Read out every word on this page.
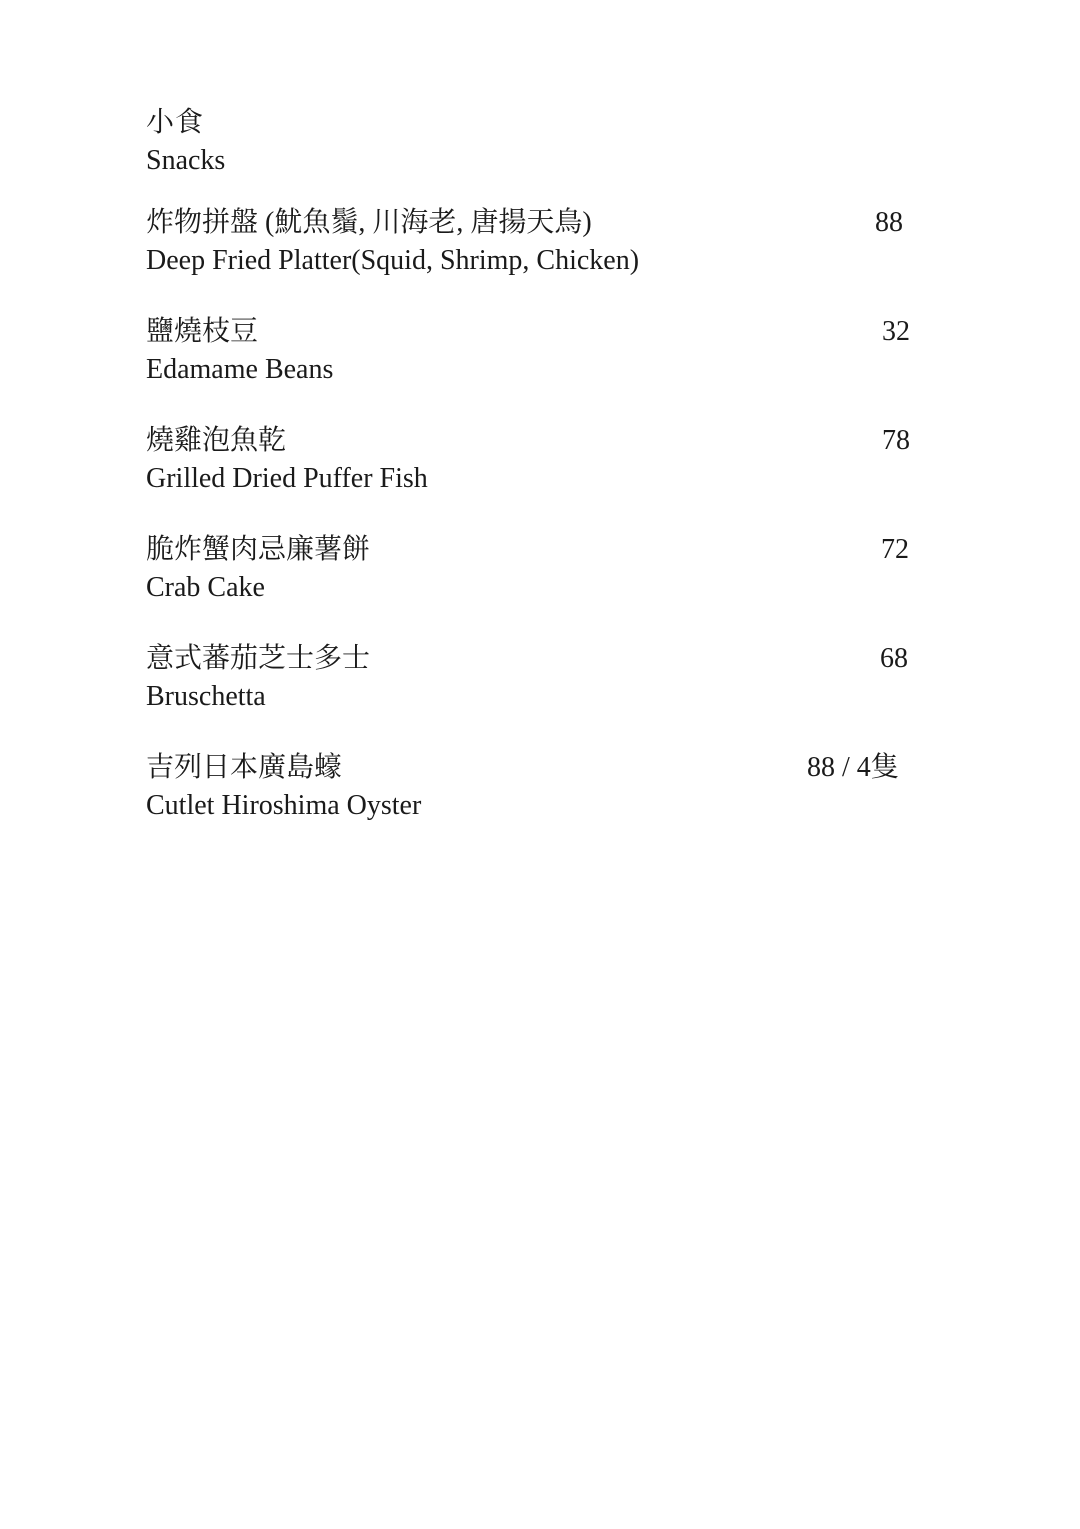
小食
Snacks
炸物拼盤 (魷魚鬚, 川海老, 唐揚天鳥)
Deep Fried Platter(Squid, Shrimp, Chicken)
88
鹽燒枝豆
Edamame Beans
32
燒雞泡魚乾
Grilled Dried Puffer Fish
78
脆炸蟹肉忌廉薯餅
Crab Cake
72
意式蕃茄芝士多士
Bruschetta
68
吉列日本廣島蠔
Cutlet Hiroshima Oyster
88 / 4隻
